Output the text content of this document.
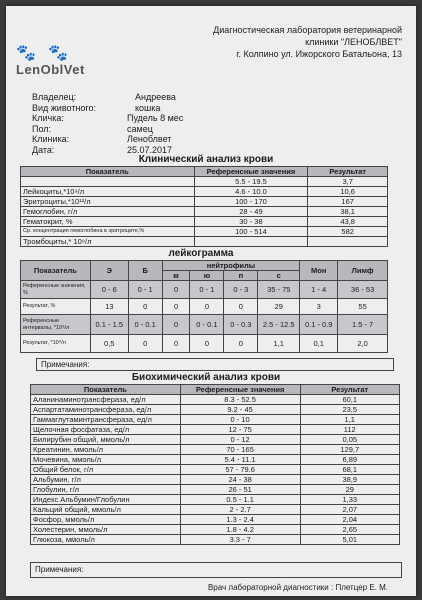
🐾 🐾
LenOblVet
Диагностическая лаборатория ветеринарной
клиники "ЛЕНОБЛВЕТ"
г. Колпино ул. Ижорского Батальона, 13
Владелец:	Андреева
Вид животного:	кошка
Кличка:	Пудель 8 мес
Пол:	самец
Клиника:	Леноблвет
Дата:	25.07.2017
Клинический анализ крови
Показатель	Референсные значения	Результат
	5.5 - 19.5	3,7
Лейкоциты,*10⁹/л	4.6 - 10.0	10,6
Эритроциты,*10¹²/л	100 - 170	167
Гемоглобин, г/л	28 - 49	38,1
Гематокрит, %	30 - 38	43,8
Ср. концентрация гемоглобина в эритроците,%	100 - 514	582
Тромбоциты,* 10⁹/л		
лейкограмма
Показатель	Э	Б	нейтрофилы				Мон	Лимф
			м	ю	п	с		
Референсные значения, %	0 - 6	0 - 1	0	0 - 1	0 - 3	35 - 75	1 - 4	36 - 53
Результат, %	13	0	0	0	0	29	3	55
Референсные интервалы, *10⁹/л	0.1 - 1.5	0 - 0.1	0	0 - 0.1	0 - 0.3	2.5 - 12.5	0.1 - 0.9	1.5 - 7
Результат, *10⁹/л	0,5	0	0	0	0	1,1	0,1	2,0
Примечания:
Биохимический анализ крови
Показатель	Референсные значения	Результат
Аланинаминотрансфераза, ед/л	8.3 - 52.5	60,1
Аспартатаминотрансфераза, ед/л	9.2 - 45	23,5
Гаммаглутаминтрансфераза, ед/л	0 - 10	1,1
Щелочная фосфатаза, ед/л	12 - 75	112
Билирубин общий, ммоль/л	0 - 12	0,05
Креатинин, ммоль/л	70 - 165	129,7
Мочевина, ммоль/л	5.4 - 11.1	6,89
Общий белок, г/л	57 - 79.6	68,1
Альбумин, г/л	24 - 38	38,9
Глобулин, г/л	26 - 51	29
Индекс Альбумин/Глобулин	0.5 - 1.1	1,33
Кальций общий, ммоль/л	2 - 2.7	2,07
Фосфор, ммоль/л	1.3 - 2.4	2,04
Холестерин, ммоль/л	1.8 - 4.2	2,65
Глюкоза, ммоль/л	3.3 - 7	5,01
Примечания:
Врач лабораторной диагностики : Плетцер Е. М.
